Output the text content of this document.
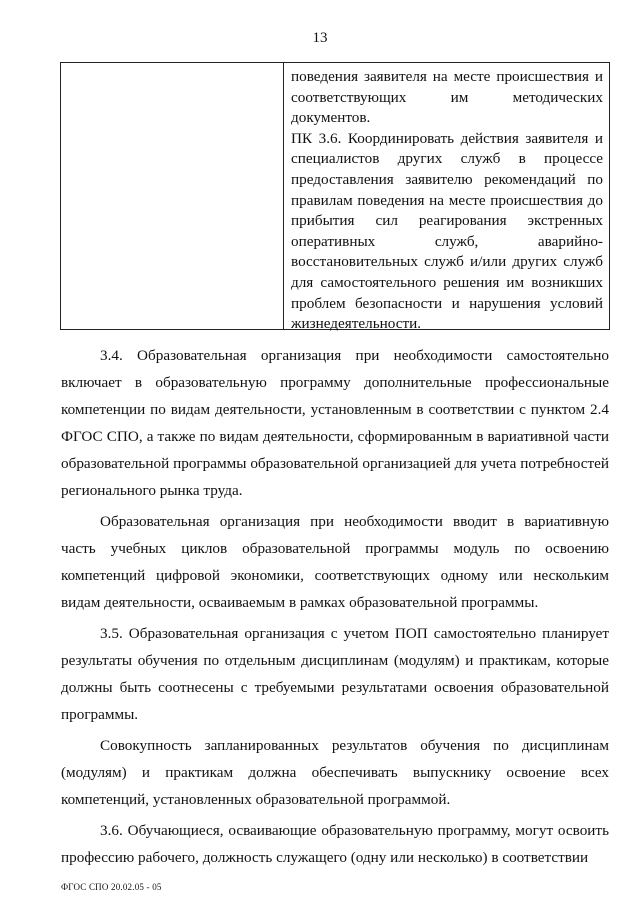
13

поведения заявителя на месте происшествия и соответствующих им методических документов.

ПК 3.6. Координировать действия заявителя и специалистов других служб в процессе предоставления заявителю рекомендаций по правилам поведения на месте происшествия до прибытия сил реагирования экстренных оперативных служб, аварийно-восстановительных служб и/или других служб для самостоятельного решения им возникших проблем безопасности и нарушения условий жизнедеятельности.

3.4. Образовательная организация при необходимости самостоятельно включает в образовательную программу дополнительные профессиональные компетенции по видам деятельности, установленным в соответствии с пунктом 2.4 ФГОС СПО, а также по видам деятельности, сформированным в вариативной части образовательной программы образовательной организацией для учета потребностей регионального рынка труда.

Образовательная организация при необходимости вводит в вариативную часть учебных циклов образовательной программы модуль по освоению компетенций цифровой экономики, соответствующих одному или нескольким видам деятельности, осваиваемым в рамках образовательной программы.

3.5. Образовательная организация с учетом ПОП самостоятельно планирует результаты обучения по отдельным дисциплинам (модулям) и практикам, которые должны быть соотнесены с требуемыми результатами освоения образовательной программы.

Совокупность запланированных результатов обучения по дисциплинам (модулям) и практикам должна обеспечивать выпускнику освоение всех компетенций, установленных образовательной программой.

3.6. Обучающиеся, осваивающие образовательную программу, могут освоить профессию рабочего, должность служащего (одну или несколько) в соответствии

ФГОС СПО 20.02.05 - 05
